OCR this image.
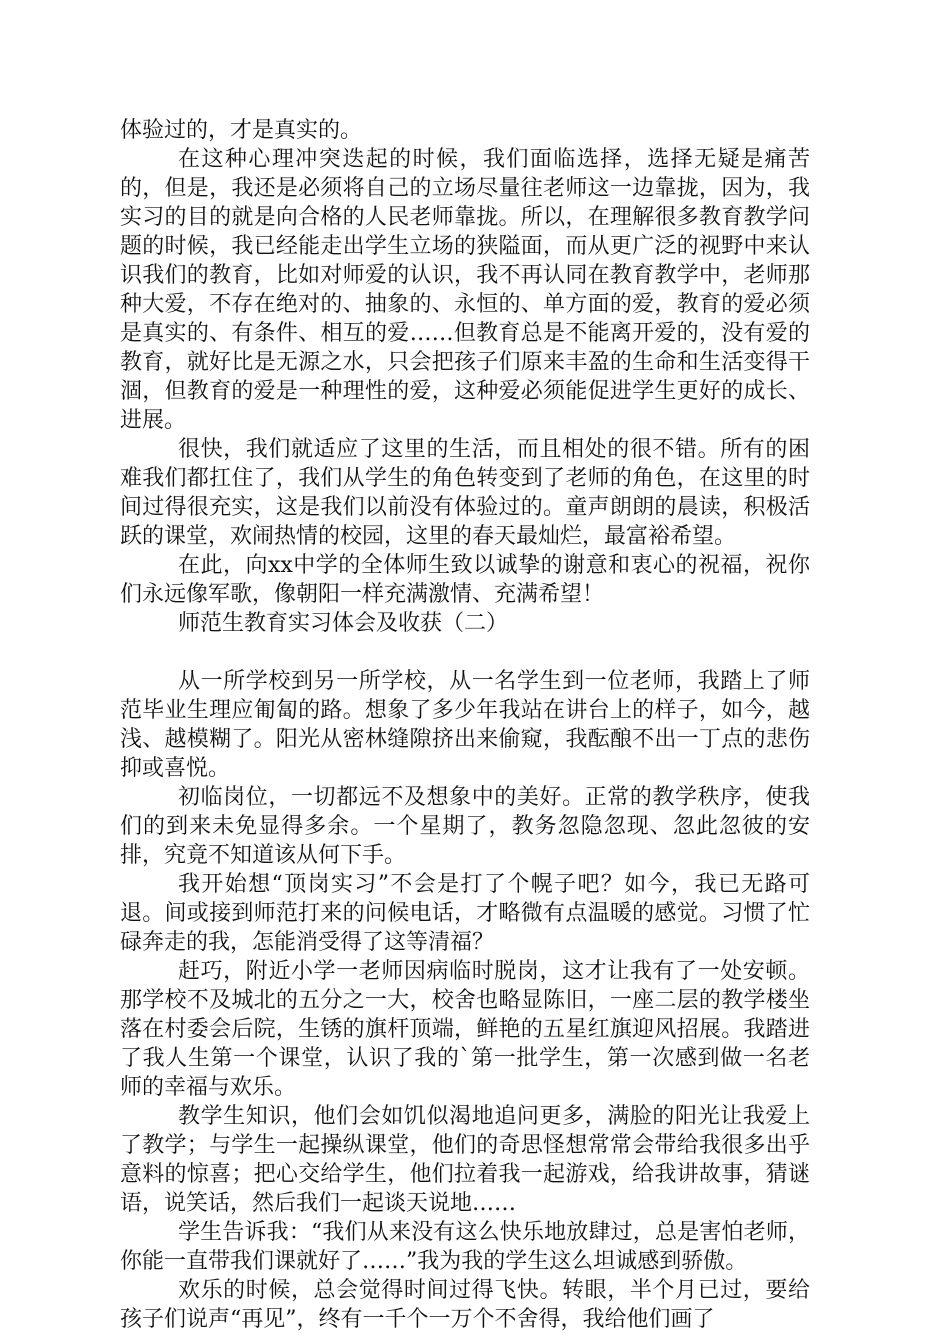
体验过的，才是真实的。

在这种心理冲突迭起的时候，我们面临选择，选择无疑是痛苦的，但是，我还是必须将自己的立场尽量往老师这一边靠拢，因为，我实习的目的就是向合格的人民老师靠拢。所以，在理解很多教育教学问题的时候，我已经能走出学生立场的狭隘面，而从更广泛的视野中来认识我们的教育，比如对师爱的认识，我不再认同在教育教学中，老师那种大爱，不存在绝对的、抽象的、永恒的、单方面的爱，教育的爱必须是真实的、有条件、相互的爱……但教育总是不能离开爱的，没有爱的教育，就好比是无源之水，只会把孩子们原来丰盈的生命和生活变得干涸，但教育的爱是一种理性的爱，这种爱必须能促进学生更好的成长、进展。

很快，我们就适应了这里的生活，而且相处的很不错。所有的困难我们都扛住了，我们从学生的角色转变到了老师的角色，在这里的时间过得很充实，这是我们以前没有体验过的。童声朗朗的晨读，积极活跃的课堂，欢闹热情的校园，这里的春天最灿烂，最富裕希望。

在此，向xx中学的全体师生致以诚挚的谢意和衷心的祝福，祝你们永远像军歌，像朝阳一样充满激情、充满希望！

师范生教育实习体会及收获（二）

从一所学校到另一所学校，从一名学生到一位老师，我踏上了师范毕业生理应匍匐的路。想象了多少年我站在讲台上的样子，如今，越浅、越模糊了。阳光从密林缝隙挤出来偷窥，我酝酿不出一丁点的悲伤抑或喜悦。

初临岗位，一切都远不及想象中的美好。正常的教学秩序，使我们的到来未免显得多余。一个星期了，教务忽隐忽现、忽此忽彼的安排，究竟不知道该从何下手。

我开始想“顶岗实习”不会是打了个幌子吧？如今，我已无路可退。间或接到师范打来的问候电话，才略微有点温暖的感觉。习惯了忙碌奔走的我，怎能消受得了这等清福？

赶巧，附近小学一老师因病临时脱岗，这才让我有了一处安顿。那学校不及城北的五分之一大，校舍也略显陈旧，一座二层的教学楼坐落在村委会后院，生锈的旗杆顶端，鲜艳的五星红旗迎风招展。我踏进了我人生第一个课堂，认识了我的`第一批学生，第一次感到做一名老师的幸福与欢乐。

教学生知识，他们会如饥似渴地追问更多，满脸的阳光让我爱上了教学；与学生一起操纵课堂，他们的奇思怪想常常会带给我很多出乎意料的惊喜；把心交给学生，他们拉着我一起游戏，给我讲故事，猜谜语，说笑话，然后我们一起谈天说地……

学生告诉我：“我们从来没有这么快乐地放肆过，总是害怕老师，你能一直带我们课就好了……”我为我的学生这么坦诚感到骄傲。

欢乐的时候，总会觉得时间过得飞快。转眼，半个月已过，要给孩子们说声“再见”，终有一千个一万个不舍得，我给他们画了
